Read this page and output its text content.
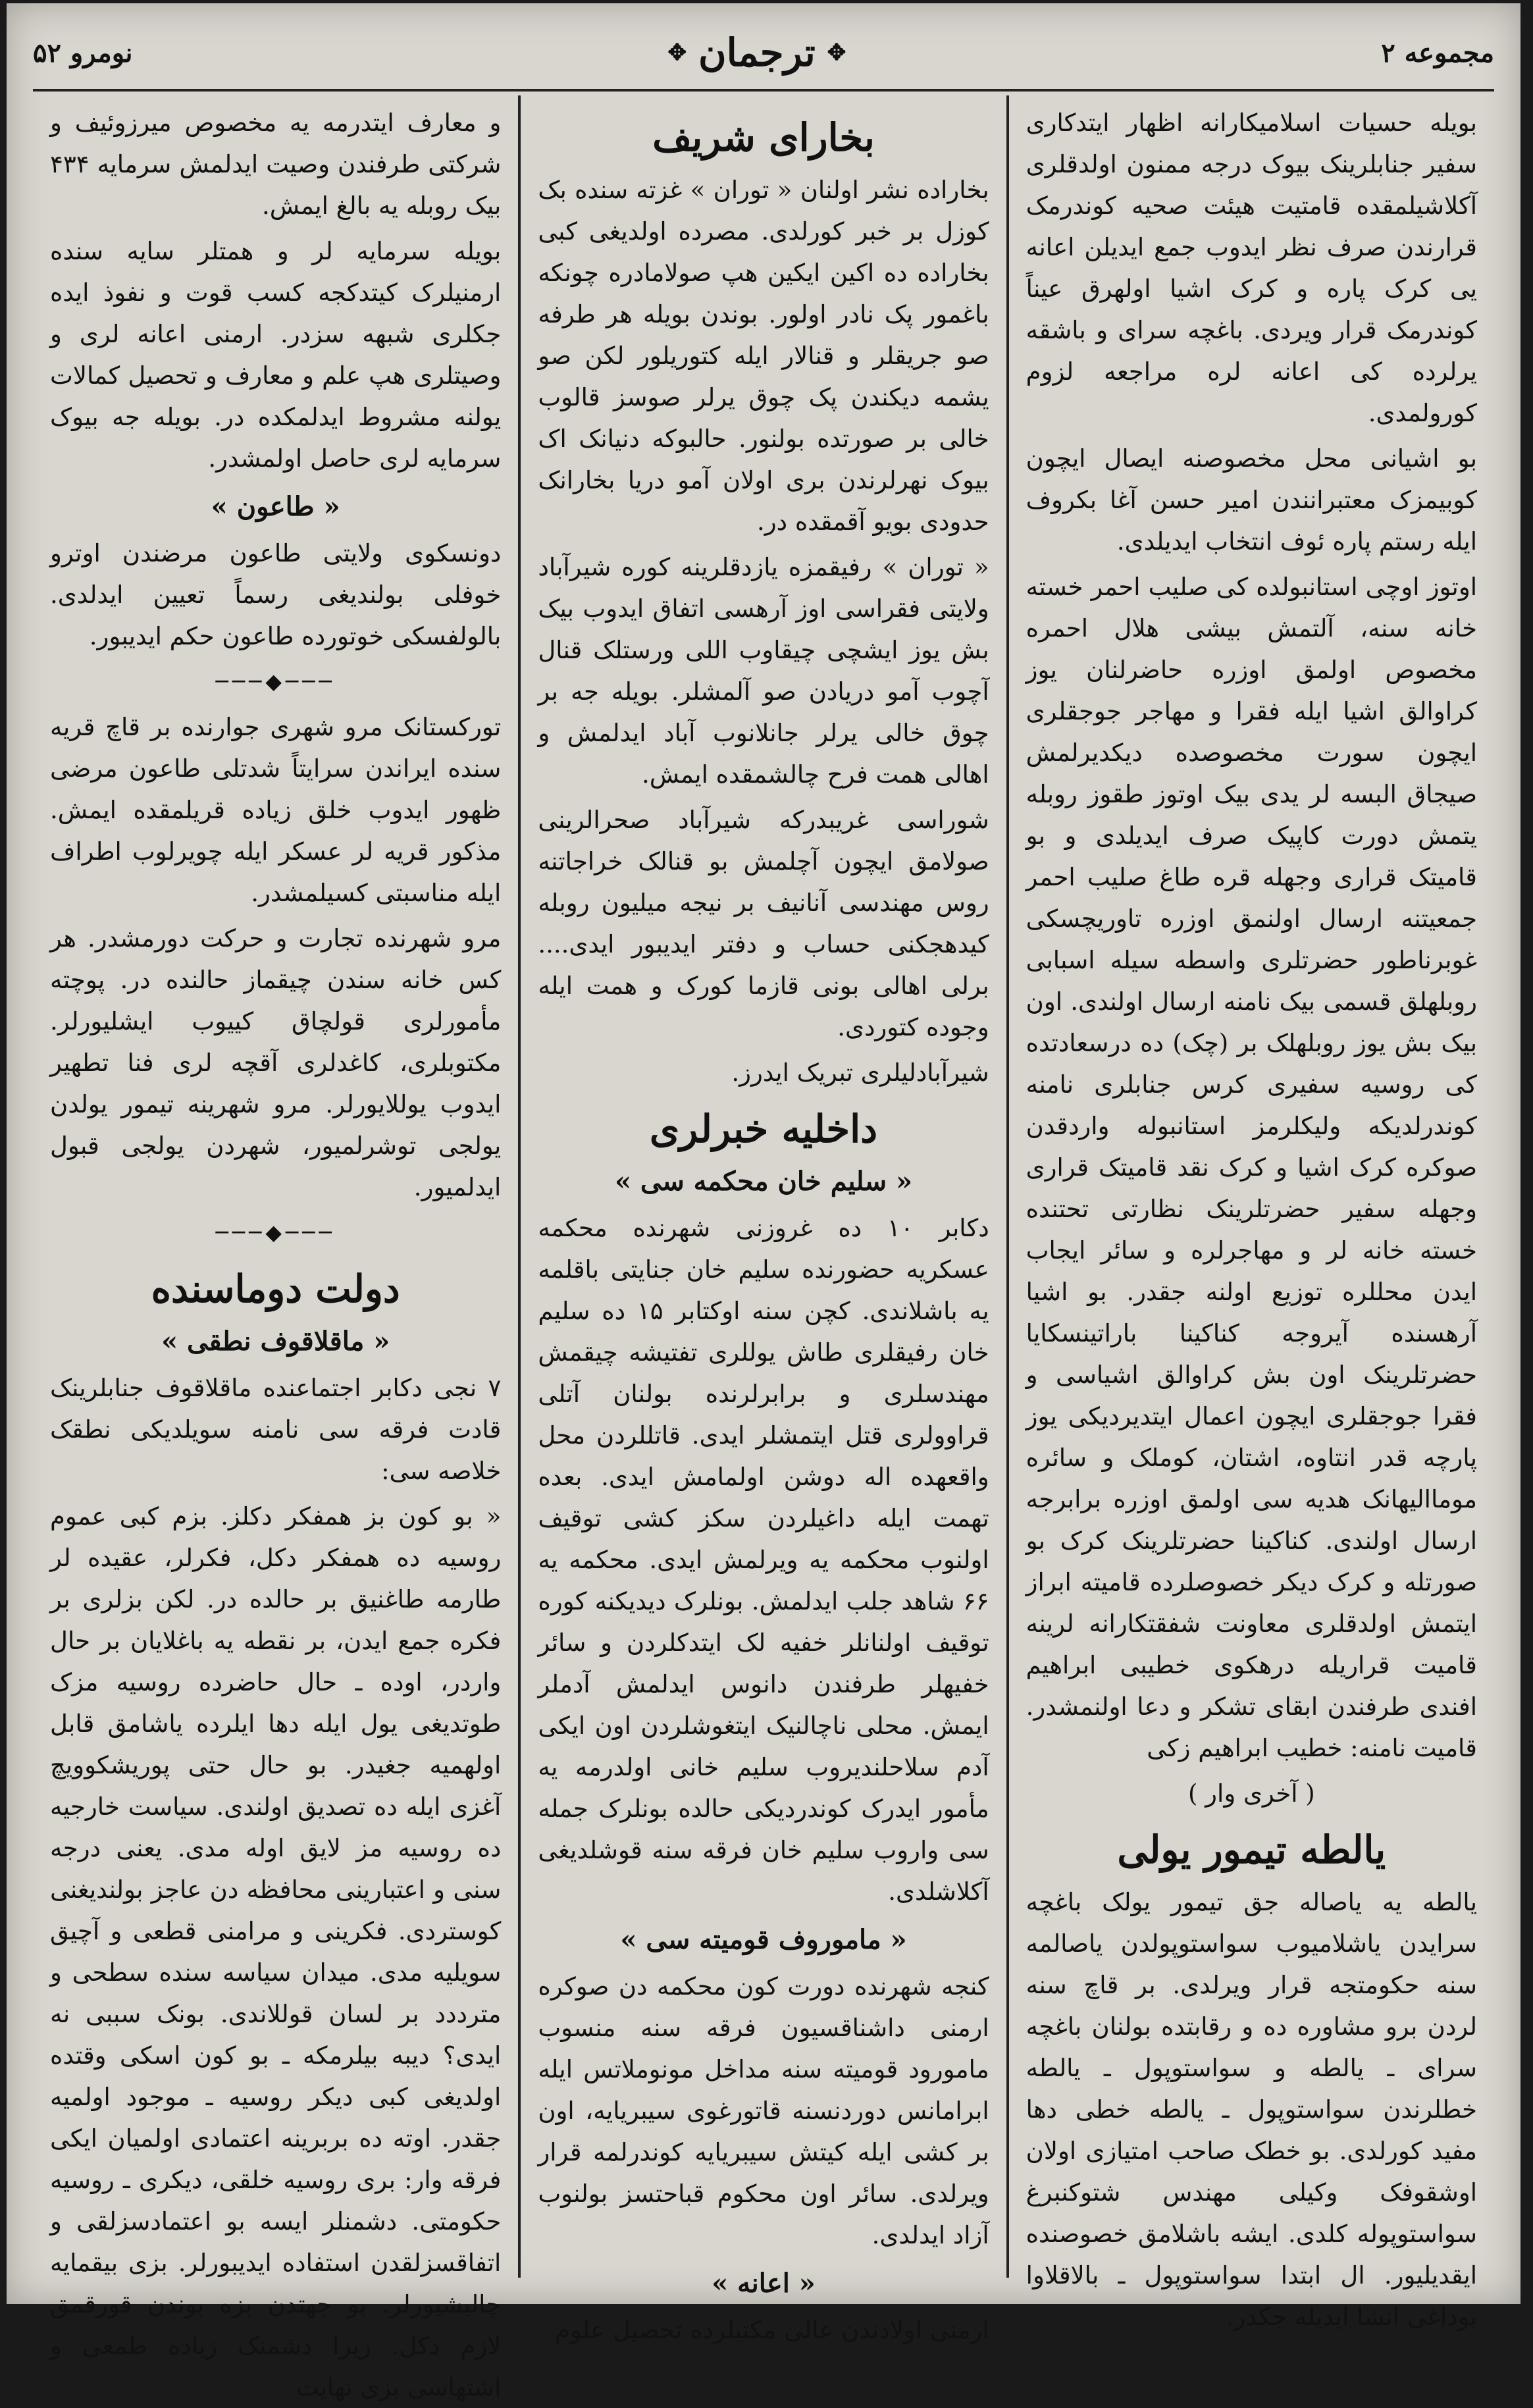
مجموعه ۲
✥
ترجمان
✥
نومرو ۵۲

بویله حسیات اسلامیکارانه اظهار ایتدکاری سفیر جنابلرینک بیوک درجه ممنون اولدقلری آکلاشیلمقده قامتیت هیئت صحیه کوندرمک قرارندن صرف نظر ایدوب جمع ایدیلن اعانه یی کرک پاره و کرک اشیا اولهرق عیناً کوندرمک قرار ویردی. باغچه سرای و باشقه یرلرده کی اعانه لره مراجعه لزوم کورولمدی.

بو اشیانی محل مخصوصنه ایصال ایچون کوبیمزک معتبرانندن امیر حسن آغا بکروف ایله رستم پاره ئوف انتخاب ایدیلدی.

اوتوز اوچی استانبولده کی صلیب احمر خسته خانه سنه، آلتمش بیشی هلال احمره مخصوص اولمق اوزره حاضرلنان یوز کراوالق اشیا ایله فقرا و مهاجر جوجقلری ایچون سورت مخصوصده دیکدیرلمش صیجاق البسه لر یدی بیک اوتوز طقوز روبله یتمش دورت کاپیک صرف ایدیلدی و بو قامیتک قراری وجهله قره طاغ صلیب احمر جمعیتنه ارسال اولنمق اوزره تاوریچسکی غوبرناطور حضرتلری واسطه سیله اسبابی روبلهلق قسمی بیک نامنه ارسال اولندی. اون بیک بش یوز روبلهلک بر (چک) ده درسعادتده کی روسیه سفیری کرس جنابلری نامنه کوندرلدیکه ولیکلرمز استانبوله واردقدن صوکره کرک اشیا و کرک نقد قامیتک قراری وجهله سفیر حضرتلرینک نظارتی تحتنده خسته خانه لر و مهاجرلره و سائر ایجاب ایدن محللره توزیع اولنه جقدر. بو اشیا آرهسنده آیروجه کناکینا باراتینسکایا حضرتلرینک اون بش کراوالق اشیاسی و فقرا جوجقلری ایچون اعمال ایتدیردیکی یوز پارچه قدر انتاوه، اشتان، کوملک و سائره موماالیهانک هدیه سی اولمق اوزره برابرجه ارسال اولندی. کناکینا حضرتلرینک کرک بو صورتله و کرک دیکر خصوصلرده قامیته ابراز ایتمش اولدقلری معاونت شفقتکارانه لرینه قامیت قراریله درهکوی خطیبی ابراهیم افندی طرفندن ابقای تشکر و دعا اولنمشدر. قامیت نامنه: خطیب ابراهیم زکی

( آخری وار )

یالطه تیمور یولی

یالطه یه یاصاله جق تیمور یولک باغچه سرایدن یاشلامیوب سواستوپولدن یاصالمه سنه حکومتجه قرار ویرلدی. بر قاچ سنه لردن برو مشاوره ده و رقابتده بولنان باغچه سرای ـ یالطه و سواستوپول ـ یالطه خطلرندن سواستوپول ـ یالطه خطی دها مفید کورلدی. بو خطک صاحب امتیازی اولان اوشقوفک وکیلی مهندس شتوکنبرغ سواستوپوله کلدی. ایشه باشلامق خصوصنده ایقدیلیور. ال ابتدا سواستوپول ـ بالاقلاوا بوداغی انشا ایدیله جکدر.

بخارای شریف

بخاراده نشر اولنان « توران » غزته سنده بک کوزل بر خبر کورلدی. مصرده اولدیغی کبی بخاراده ده اکین ایکین هپ صولامادره چونکه باغمور پک نادر اولور. بوندن بویله هر طرفه صو جریقلر و قنالار ایله کتوریلور لکن صو یشمه دیکندن پک چوق یرلر صوسز قالوب خالی بر صورتده بولنور. حالبوکه دنیانک اک بیوک نهرلرندن بری اولان آمو دریا بخارانک حدودی بویو آقمقده در.

« توران » رفیقمزه یازدقلرینه کوره شیرآباد ولایتی فقراسی اوز آرهسی اتفاق ایدوب بیک بش یوز ایشچی چیقاوب اللی ورستلک قنال آچوب آمو دریادن صو آلمشلر. بویله جه بر چوق خالی یرلر جانلانوب آباد ایدلمش و اهالی همت فرح چالشمقده ایمش.

شوراسی غریبدرکه شیرآباد صحرالرینی صولامق ایچون آچلمش بو قنالک خراجاتنه روس مهندسی آنانیف بر نیجه میلیون روبله کیدهجکنی حساب و دفتر ایدیبور ایدی.... برلی اهالی بونی قازما کورک و همت ایله وجوده کتوردی.

شیرآبادلیلری تبریک ایدرز.

داخلیه خبرلری
« سلیم خان محکمه سی »

دکابر ۱۰ ده غروزنی شهرنده محکمه عسکریه حضورنده سلیم خان جنایتی باقلمه یه باشلاندی. کچن سنه اوکتابر ۱۵ ده سلیم خان رفیقلری طاش یوللری تفتیشه چیقمش مهندسلری و برابرلرنده بولنان آتلی قراوولری قتل ایتمشلر ایدی. قاتللردن محل واقعهده اله دوشن اولمامش ایدی. بعده تهمت ایله داغیلردن سکز کشی توقیف اولنوب محکمه یه ویرلمش ایدی. محکمه یه ۶۶ شاهد جلب ایدلمش. بونلرک دیدیکنه کوره توقیف اولنانلر خفیه لک ایتدکلردن و سائر خفیهلر طرفندن دانوس ایدلمش آدملر ایمش. محلی ناچالنیک ایتغوشلردن اون ایکی آدم سلاحلندیروب سلیم خانی اولدرمه یه مأمور ایدرک کوندردیکی حالده بونلرک جمله سی واروب سلیم خان فرقه سنه قوشلدیغی آکلاشلدی.

« ماموروف قومیته سی »

کنجه شهرنده دورت کون محکمه دن صوکره ارمنی داشناقسیون فرقه سنه منسوب مامورود قومیته سنه مداخل مونوملاتس ایله ابرامانس دوردنسنه قاتورغوی سیبریایه، اون بر کشی ایله کیتش سیبریایه کوندرلمه قرار ویرلدی. سائر اون محکوم قباحتسز بولنوب آزاد ایدلدی.

« اعانه »

ارمنی اولادندن عالی مکتبلرده تحصیل علوم

و معارف ایتدرمه یه مخصوص میرزوئیف و شرکتی طرفندن وصیت ایدلمش سرمایه ۴۳۴ بیک روبله یه بالغ ایمش.

بویله سرمایه لر و همتلر سایه سنده ارمنیلرک کیتدکجه کسب قوت و نفوذ ایده جکلری شبهه سزدر. ارمنی اعانه لری و وصیتلری هپ علم و معارف و تحصیل کمالات یولنه مشروط ایدلمکده در. بویله جه بیوک سرمایه لری حاصل اولمشدر.

« طاعون »

دونسکوی ولایتی طاعون مرضندن اوترو خوفلی بولندیغی رسماً تعیین ایدلدی. بالولفسکی خوتورده طاعون حکم ایدیبور.

───◆───

توركستانک مرو شهری جوارنده بر قاچ قریه سنده ایراندن سرایتاً شدتلی طاعون مرضی ظهور ایدوب خلق زیاده قریلمقده ایمش. مذکور قریه لر عسکر ایله چویرلوب اطراف ایله مناسبتی کسیلمشدر.

مرو شهرنده تجارت و حرکت دورمشدر. هر کس خانه سندن چیقماز حالنده در. پوچته مأمورلری قولچاق کییوب ایشلیورلر. مکتوبلری، کاغدلری آقچه لری فنا تطهیر ایدوب یوللایورلر. مرو شهرینه تیمور یولدن یولجی توشرلمیور، شهردن یولجی قبول ایدلمیور.

───◆───
دولت دوماسنده
« ماقلاقوف نطقی »

۷ نجی دکابر اجتماعنده ماقلاقوف جنابلرینک قادت فرقه سی نامنه سویلدیکی نطقک خلاصه سی:

« بو کون بز همفکر دکلز. بزم کبی عموم روسیه ده همفکر دکل، فکرلر، عقیده لر طارمه طاغنیق بر حالده در. لکن بزلری بر فکره جمع ایدن، بر نقطه یه باغلایان بر حال واردر، اوده ـ حال حاضرده روسیه مزک طوتدیغی یول ایله دها ایلرده یاشامق قابل اولهمیه جغیدر. بو حال حتی پوریشکوویچ آغزی ایله ده تصدیق اولندی. سیاست خارجیه ده روسیه مز لایق اوله مدی. یعنی درجه سنی و اعتبارینی محافظه دن عاجز بولندیغنی کوستردی. فکرینی و مرامنی قطعی و آچیق سویلیه مدی. میدان سیاسه سنده سطحی و مترددد بر لسان قوللاندی. بونک سببی نه ایدی؟ دیبه بیلرمکه ـ بو کون اسکی وقتده اولدیغی کبی دیکر روسیه ـ موجود اولمیه جقدر. اوته ده بربرینه اعتمادی اولمیان ایکی فرقه وار: بری روسیه خلقی، دیکری ـ روسیه حکومتی. دشمنلر ایسه بو اعتمادسزلقی و اتفاقسزلقدن استفاده ایدیبورلر. بزی بیقمایه چالیشیورلر. بو جهتدن بزه بوندن قورقمق لازم دکل. زیرا دشمنک زیاده طمعی و اشتهاسی بزی نهایت
